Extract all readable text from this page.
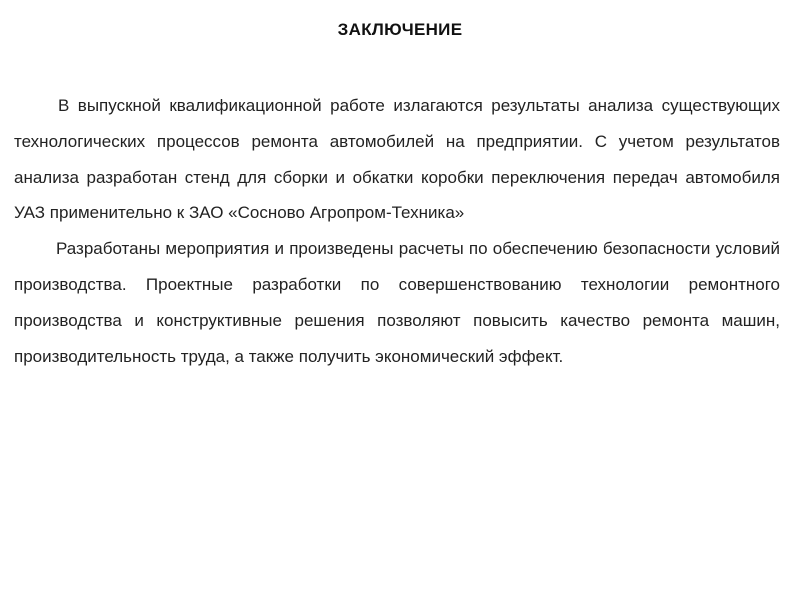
ЗАКЛЮЧЕНИЕ

В выпускной квалификационной работе излагаются результаты анализа существующих технологических процессов ремонта автомобилей на предприятии. С учетом результатов анализа разработан стенд для сборки и обкатки коробки переключения передач автомобиля УАЗ применительно к ЗАО «Сосново Агропром-Техника»

Разработаны мероприятия и произведены расчеты по обеспечению безопасности условий производства. Проектные разработки по совершенствованию технологии ремонтного производства и конструктивные решения позволяют повысить качество ремонта машин, производительность труда, а также получить экономический эффект.
